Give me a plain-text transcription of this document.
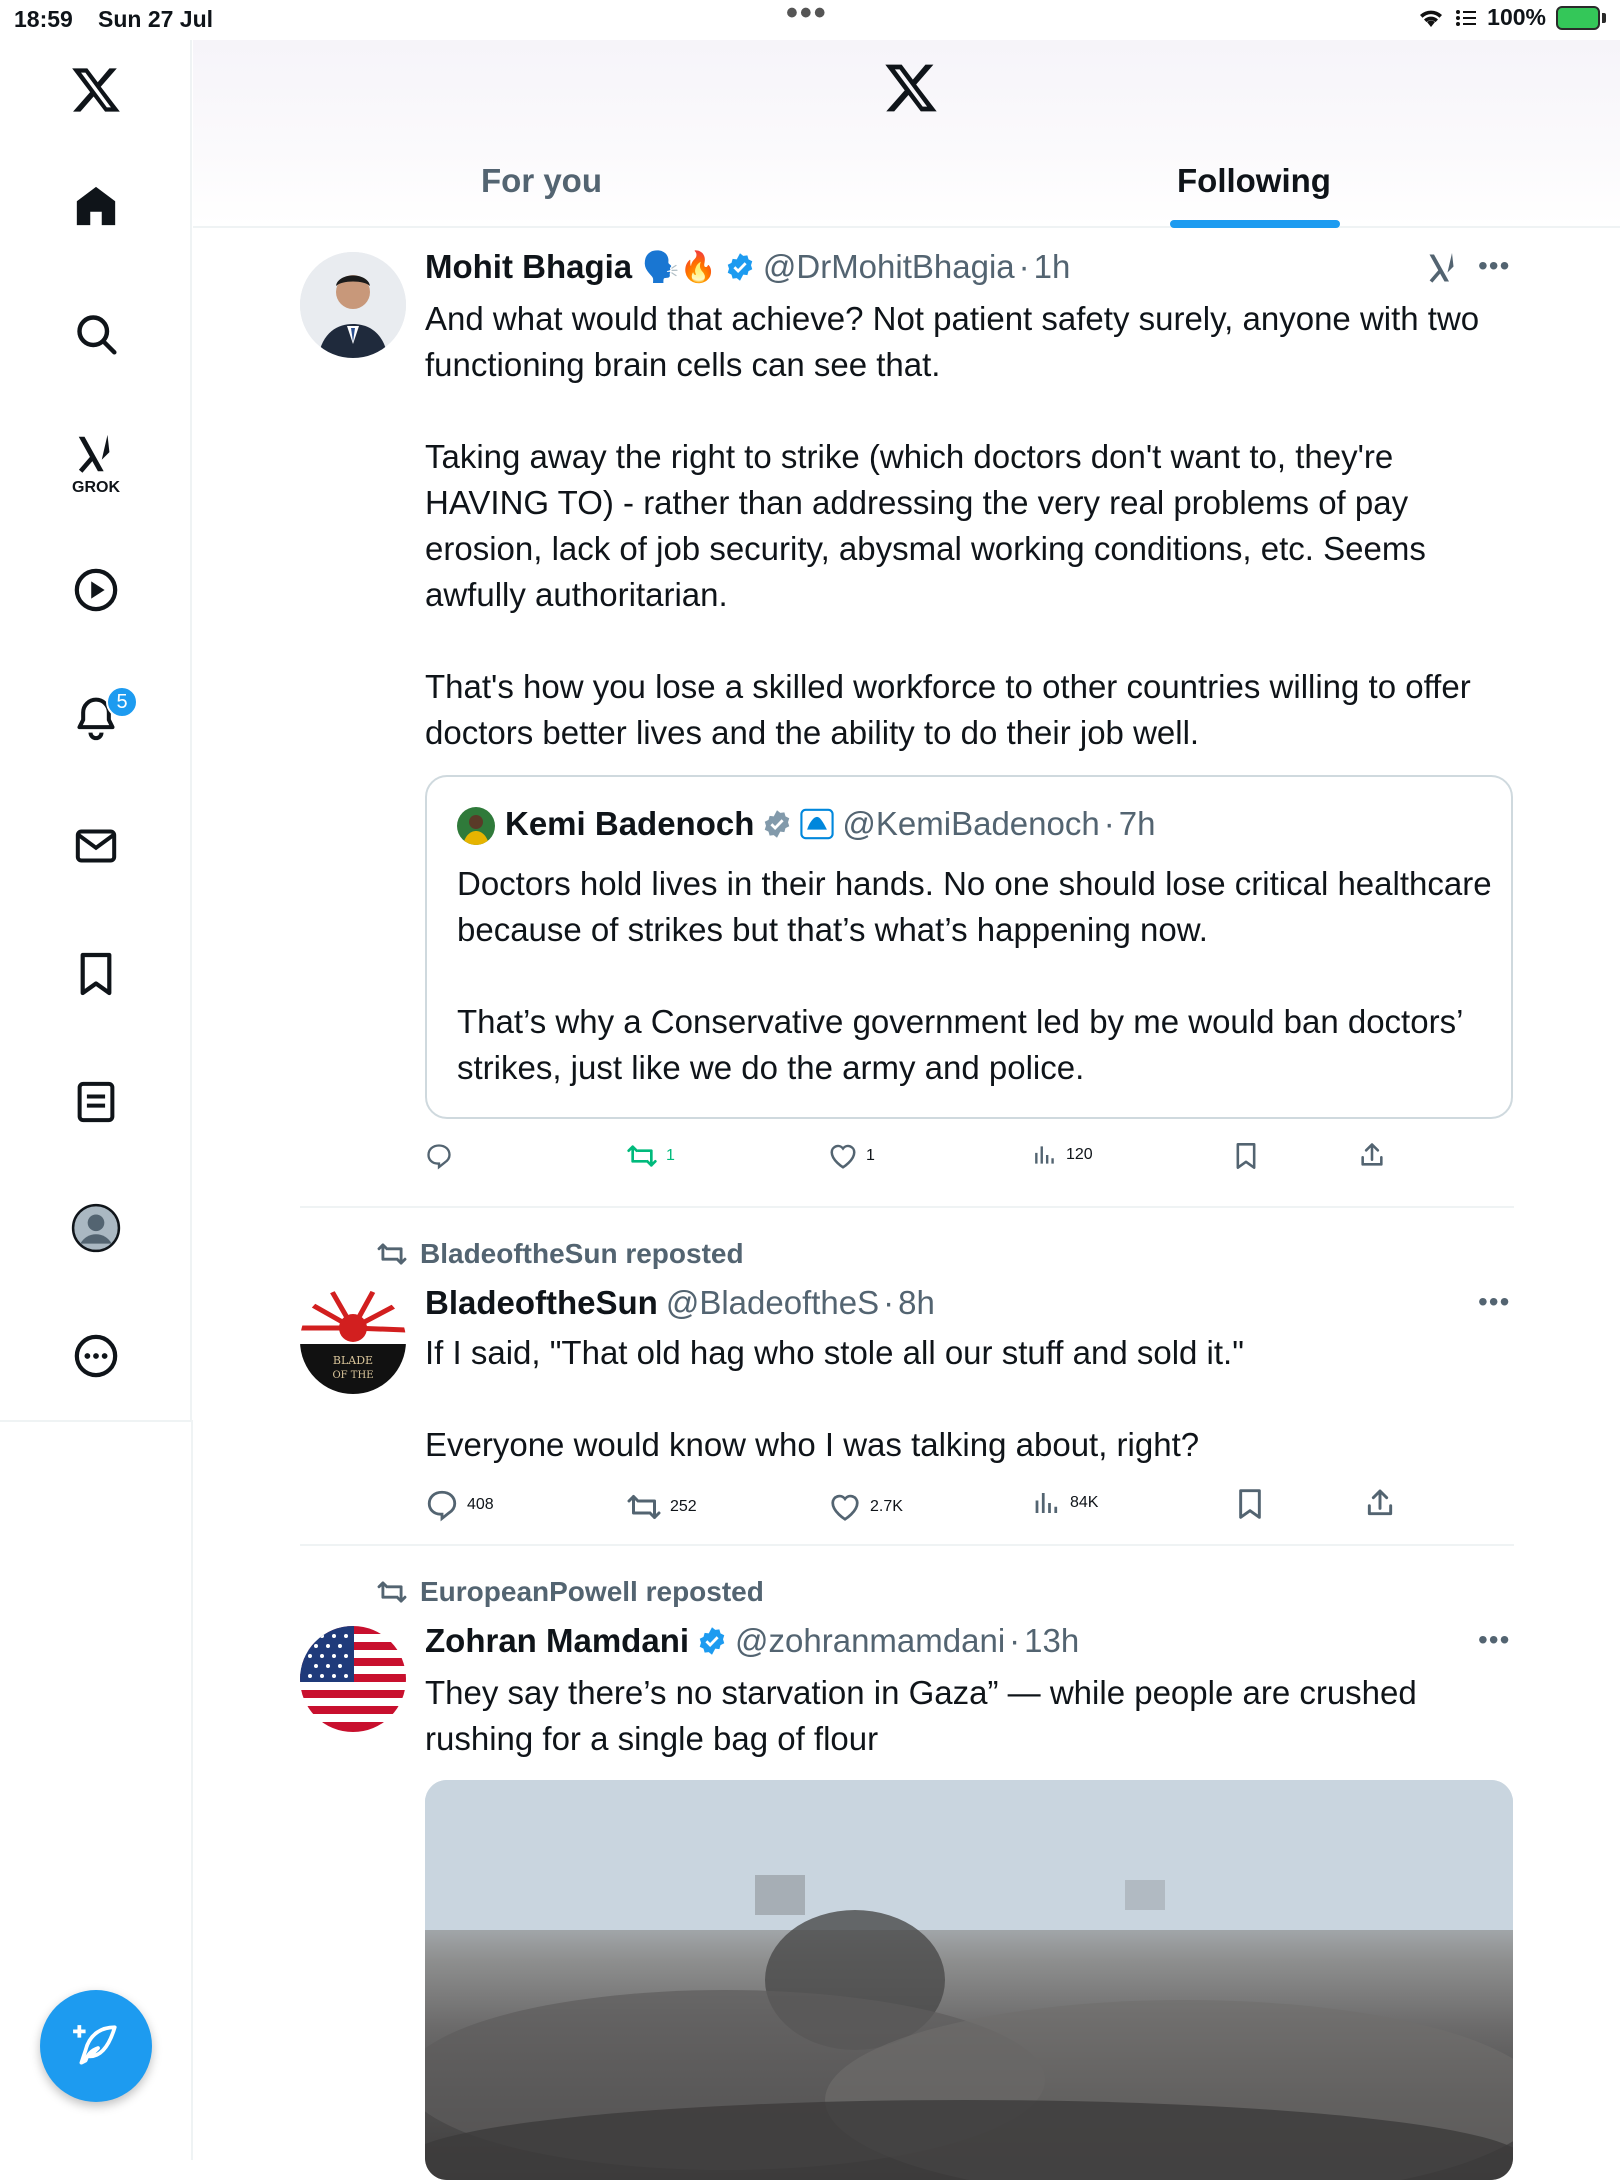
18:59 Sun 27 Jul	•••	100%
GROK
5
For you	Following
Mohit Bhagia 🗣️ 🔥 @DrMohitBhagia · 1h	•••
And what would that achieve? Not patient safety surely, anyone with two functioning brain cells can see that.

Taking away the right to strike (which doctors don't want to, they're HAVING TO) - rather than addressing the very real problems of pay erosion, lack of job security, abysmal working conditions, etc. Seems awfully authoritarian.

That's how you lose a skilled workforce to other countries willing to offer doctors better lives and the ability to do their job well.
Kemi Badenoch	@KemiBadenoch · 7h
Doctors hold lives in their hands. No one should lose critical healthcare because of strikes but that’s what’s happening now.

That’s why a Conservative government led by me would ban doctors’ strikes, just like we do the army and police.
1	1	120
BladeoftheSun reposted
BLADE
OF THE
BladeoftheSun @BladeoftheS · 8h	•••
If I said, "That old hag who stole all our stuff and sold it."

Everyone would know who I was talking about, right?
408	252	2.7K	84K
EuropeanPowell reposted
Zohran Mamdani @zohranmamdani · 13h	•••
They say there’s no starvation in Gaza” — while people are crushed rushing for a single bag of flour
